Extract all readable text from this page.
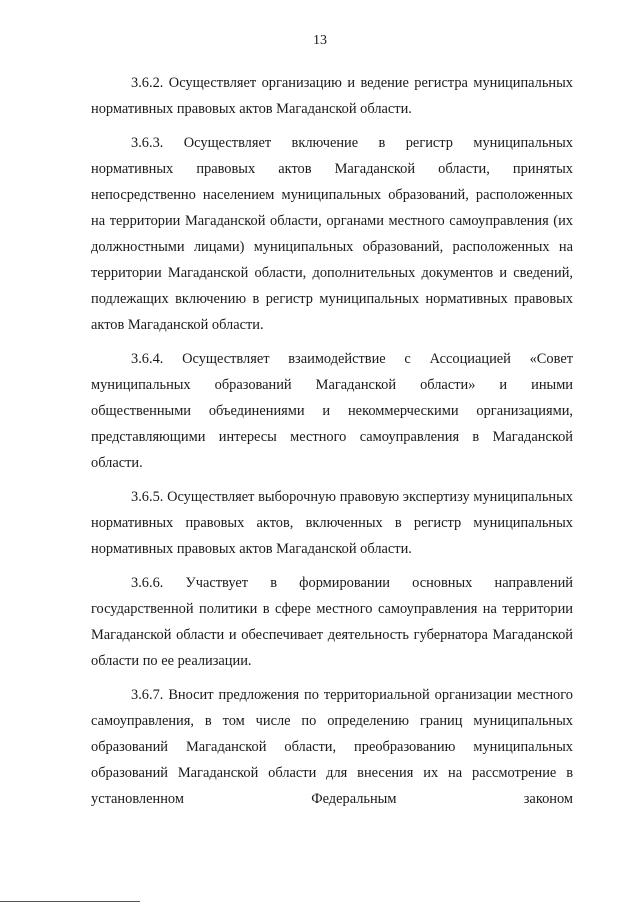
13

3.6.2. Осуществляет организацию и ведение регистра муниципальных нормативных правовых актов Магаданской области.

3.6.3. Осуществляет включение в регистр муниципальных нормативных правовых актов Магаданской области, принятых непосредственно населением муниципальных образований, расположенных на территории Магаданской области, органами местного самоуправления (их должностными лицами) муниципальных образований, расположенных на территории Магаданской области, дополнительных документов и сведений, подлежащих включению в регистр муниципальных нормативных правовых актов Магаданской области.

3.6.4. Осуществляет взаимодействие с Ассоциацией «Совет муниципальных образований Магаданской области» и иными общественными объединениями и некоммерческими организациями, представляющими интересы местного самоуправления в Магаданской области.

3.6.5. Осуществляет выборочную правовую экспертизу муниципальных нормативных правовых актов, включенных в регистр муниципальных нормативных правовых актов Магаданской области.

3.6.6. Участвует в формировании основных направлений государственной политики в сфере местного самоуправления на территории Магаданской области и обеспечивает деятельность губернатора Магаданской области по ее реализации.

3.6.7. Вносит предложения по территориальной организации местного самоуправления, в том числе по определению границ муниципальных образований Магаданской области, преобразованию муниципальных образований Магаданской области для внесения их на рассмотрение в установленном Федеральным законом
